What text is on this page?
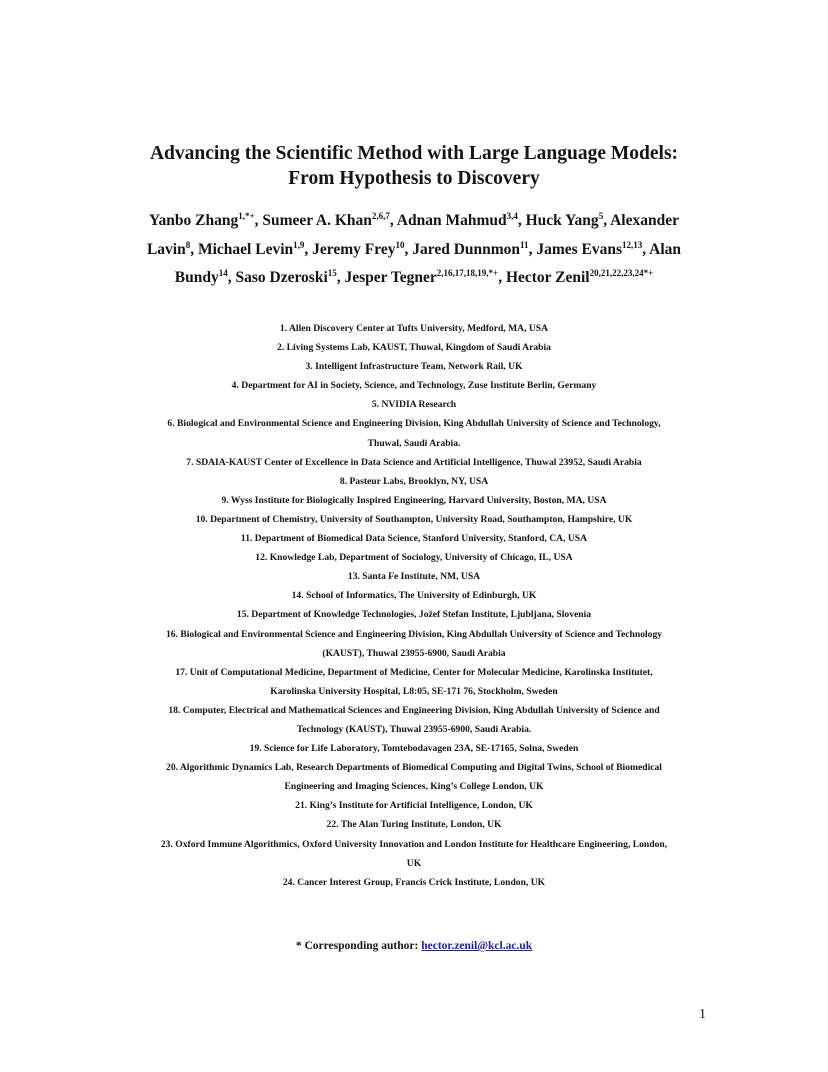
Advancing the Scientific Method with Large Language Models:
From Hypothesis to Discovery
Yanbo Zhang$^{1,*+}$, Sumeer A. Khan$^{2,6,7}$, Adnan Mahmud$^{3,4}$, Huck Yang$^5$, Alexander
Lavin$^8$, Michael Levin$^{1,9}$, Jeremy Frey$^{10}$, Jared Dunnmon$^{11}$, James Evans$^{12,13}$, Alan
Bundy$^{14}$, Saso Dzeroski$^{15}$, Jesper Tegner$^{2,16,17,18,19,*+}$, Hector Zenil$^{20,21,22,23,24*+}$
1. Allen Discovery Center at Tufts University, Medford, MA, USA
2. Living Systems Lab, KAUST, Thuwal, Kingdom of Saudi Arabia
3. Intelligent Infrastructure Team, Network Rail, UK
4. Department for AI in Society, Science, and Technology, Zuse Institute Berlin, Germany
5. NVIDIA Research
6. Biological and Environmental Science and Engineering Division, King Abdullah University of Science and Technology,
Thuwal, Saudi Arabia.
7. SDAIA-KAUST Center of Excellence in Data Science and Artificial Intelligence, Thuwal 23952, Saudi Arabia
8. Pasteur Labs, Brooklyn, NY, USA
9. Wyss Institute for Biologically Inspired Engineering, Harvard University, Boston, MA, USA
10. Department of Chemistry, University of Southampton, University Road, Southampton, Hampshire, UK
11. Department of Biomedical Data Science, Stanford University, Stanford, CA, USA
12. Knowledge Lab, Department of Sociology, University of Chicago, IL, USA
13. Santa Fe Institute, NM, USA
14. School of Informatics, The University of Edinburgh, UK
15. Department of Knowledge Technologies, Jožef Stefan Institute, Ljubljana, Slovenia
16. Biological and Environmental Science and Engineering Division, King Abdullah University of Science and Technology
(KAUST), Thuwal 23955-6900, Saudi Arabia
17. Unit of Computational Medicine, Department of Medicine, Center for Molecular Medicine, Karolinska Institutet,
Karolinska University Hospital, L8:05, SE-171 76, Stockholm, Sweden
18. Computer, Electrical and Mathematical Sciences and Engineering Division, King Abdullah University of Science and
Technology (KAUST), Thuwal 23955-6900, Saudi Arabia.
19. Science for Life Laboratory, Tomtebodavagen 23A, SE-17165, Solna, Sweden
20. Algorithmic Dynamics Lab, Research Departments of Biomedical Computing and Digital Twins, School of Biomedical
Engineering and Imaging Sciences, King’s College London, UK
21. King’s Institute for Artificial Intelligence, London, UK
22. The Alan Turing Institute, London, UK
23. Oxford Immune Algorithmics, Oxford University Innovation and London Institute for Healthcare Engineering, London,
UK
24. Cancer Interest Group, Francis Crick Institute, London, UK
* Corresponding author: hector.zenil@kcl.ac.uk
1
